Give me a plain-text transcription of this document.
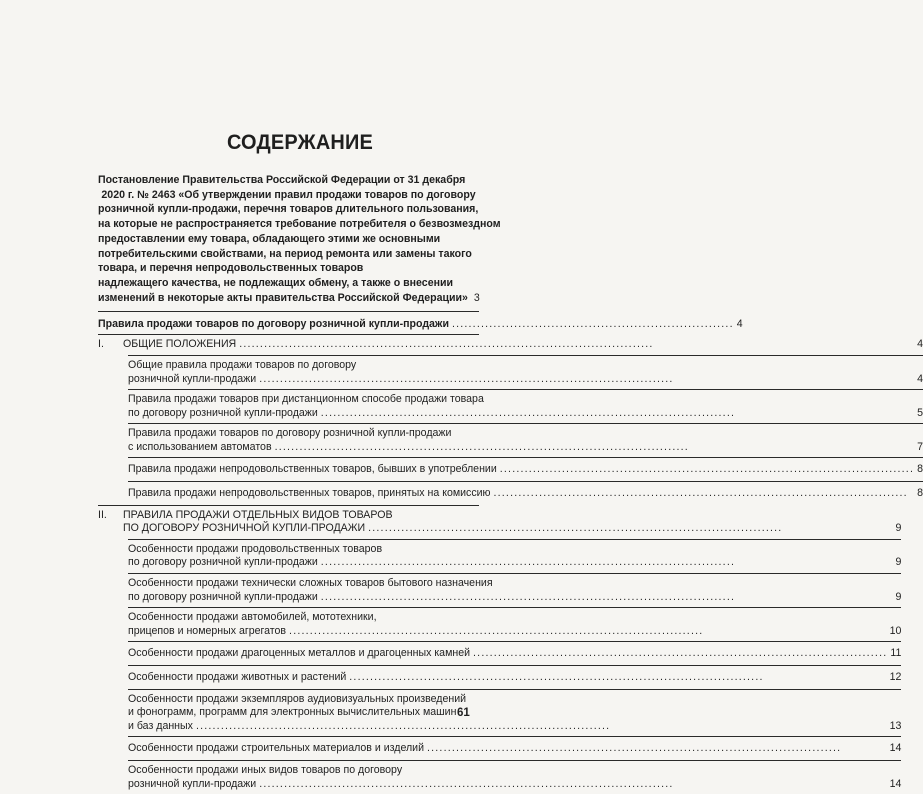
СОДЕРЖАНИЕ
Постановление Правительства Российской Федерации от 31 декабря
2020 г. № 2463 «Об утверждении правил продажи товаров по договору
розничной купли-продажи, перечня товаров длительного пользования,
на которые не распространяется требование потребителя о безвозмездном
предоставлении ему товара, обладающего этими же основными
потребительскими свойствами, на период ремонта или замены такого
товара, и перечня непродовольственных товаров
надлежащего качества, не подлежащих обмену, а также о внесении
изменений в некоторые акты правительства Российской Федерации» 3
Правила продажи товаров по договору розничной купли-продажи .................................................................... 4
I.	ОБЩИЕ ПОЛОЖЕНИЯ ....................................................................................................	4
Общие правила продажи товаров по договору
розничной купли-продажи ....................................................................................................	4
Правила продажи товаров при дистанционном способе продажи товара
по договору розничной купли-продажи ....................................................................................................	5
Правила продажи товаров по договору розничной купли-продажи
с использованием автоматов ....................................................................................................	7
Правила продажи непродовольственных товаров, бывших в употреблении .................................................................................................... 8
Правила продажи непродовольственных товаров, принятых на комиссию .................................................................................................... 8
II.	ПРАВИЛА ПРОДАЖИ ОТДЕЛЬНЫХ ВИДОВ ТОВАРОВ
ПО ДОГОВОРУ РОЗНИЧНОЙ КУПЛИ-ПРОДАЖИ ....................................................................................................	9
Особенности продажи продовольственных товаров
по договору розничной купли-продажи ....................................................................................................	9
Особенности продажи технически сложных товаров бытового назначения
по договору розничной купли-продажи ....................................................................................................	9
Особенности продажи автомобилей, мототехники,
прицепов и номерных агрегатов ....................................................................................................	10
Особенности продажи драгоценных металлов и драгоценных камней .................................................................................................... 11
Особенности продажи животных и растений ....................................................................................................	12
Особенности продажи экземпляров аудиовизуальных произведений
и фонограмм, программ для электронных вычислительных машин
и баз данных ....................................................................................................	13
Особенности продажи строительных материалов и изделий ....................................................................................................	14
Особенности продажи иных видов товаров по договору
розничной купли-продажи ....................................................................................................	14
61
